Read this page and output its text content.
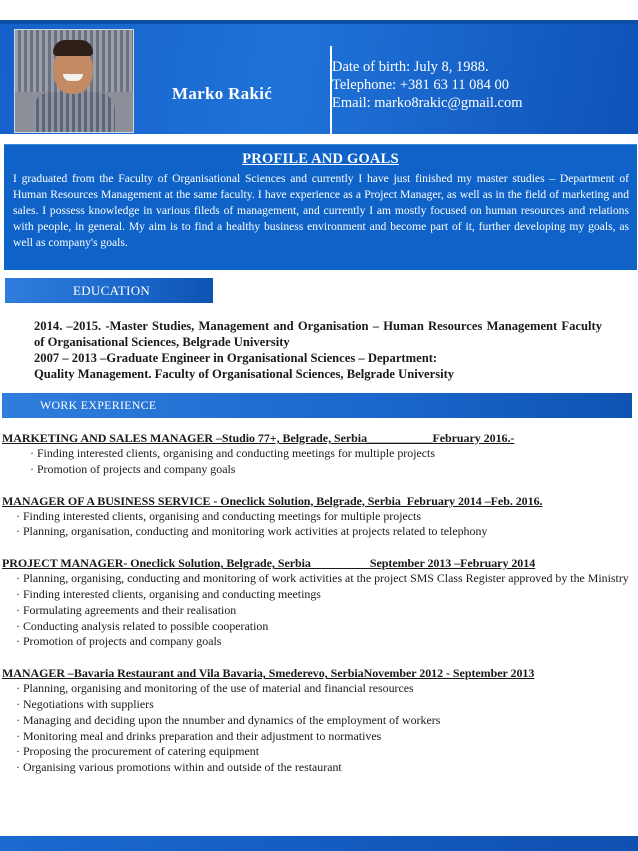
Marko Rakić
Date of birth: July 8, 1988.
Telephone: +381 63 11 084 00
Email: marko8rakic@gmail.com
PROFILE AND GOALS
I graduated from the Faculty of Organisational Sciences and currently I have just finished my master studies – Department of Human Resources Management at the same faculty. I have experience as a Project Manager, as well as in the field of marketing and sales. I possess knowledge in various fileds of management, and currently I am mostly focused on human resources and relations with people, in general. My aim is to find a healthy business environment and become part of it, further developing my goals, as well as company's goals.
EDUCATION

2014. –2015. -Master Studies, Management and Organisation – Human Resources Management Faculty of Organisational Sciences, Belgrade University

2007 – 2013 –Graduate Engineer in Organisational Sciences – Department:

Quality Management. Faculty of Organisational Sciences, Belgrade University

WORK EXPERIENCE
MARKETING AND SALES MANAGER –Studio 77+, Belgrade, Serbia___________February 2016.-
· Finding interested clients, organising and conducting meetings for multiple projects
· Promotion of projects and company goals
MANAGER OF A BUSINESS SERVICE - Oneclick Solution, Belgrade, Serbia  February 2014 –Feb. 2016.
· Finding interested clients, organising and conducting meetings for multiple projects
· Planning, organisation, conducting and monitoring work activities at projects related to telephony
PROJECT MANAGER- Oneclick Solution, Belgrade, Serbia                    September 2013 –February 2014
· Planning, organising, conducting and monitoring of work activities at the project SMS Class Register approved by the Ministry
· Finding interested clients, organising and conducting meetings
· Formulating agreements and their realisation
· Conducting analysis related to possible cooperation
· Promotion of projects and company goals
MANAGER –Bavaria Restaurant and Vila Bavaria, Smederevo, SerbiaNovember 2012 - September 2013
· Planning, organising and monitoring of the use of material and financial resources
· Negotiations with suppliers
· Managing and deciding upon the nnumber and dynamics of the employment of workers
· Monitoring meal and drinks preparation and their adjustment to normatives
· Proposing the procurement of catering equipment
· Organising various promotions within and outside of the restaurant
